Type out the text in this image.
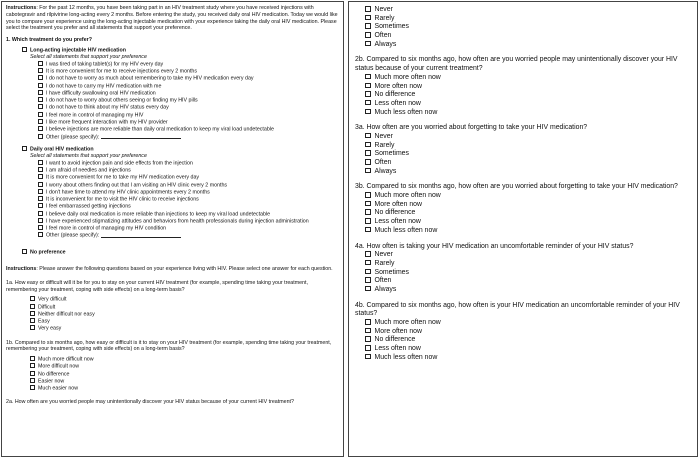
Instructions: For the past 12 months, you have been taking part in an HIV treatment study where you have received injections with cabotegravir and rilpivirine long-acting every 2 months. Before entering the study, you received daily oral HIV medication. Today we would like you to compare your experience using the long-acting injectable medication with your experience taking the daily oral HIV medication. Please select the treatment you prefer and all statements that support your preference.

1. Which treatment do you prefer?

Long-acting injectable HIV medication
Select all statements that support your preference
I was tired of taking tablet(s) for my HIV every day
It is more convenient for me to receive injections every 2 months
I do not have to worry as much about remembering to take my HIV medication every day
I do not have to carry my HIV medication with me
I have difficulty swallowing oral HIV medication
I do not have to worry about others seeing or finding my HIV pills
I do not have to think about my HIV status every day
I feel more in control of managing my HIV
I like more frequent interaction with my HIV provider
I believe injections are more reliable than daily oral medication to keep my viral load undetectable
Other (please specify):
Daily oral HIV medication
Select all statements that support your preference
I want to avoid injection pain and side effects from the injection
I am afraid of needles and injections
It is more convenient for me to take my HIV medication every day
I worry about others finding out that I am visiting an HIV clinic every 2 months
I don't have time to attend my HIV clinic appointments every 2 months
It is inconvenient for me to visit the HIV clinic to receive injections
I feel embarrassed getting injections
I believe daily oral medication is more reliable than injections to keep my viral load undetectable
I have experienced stigmatizing attitudes and behaviors from health professionals during injection administration
I feel more in control of managing my HIV condition
Other (please specify):
No preference

Instructions: Please answer the following questions based on your experience living with HIV. Please select one answer for each question.

1a. How easy or difficult will it be for you to stay on your current HIV treatment (for example, spending time taking your treatment, remembering your treatment, coping with side effects) on a long-term basis?

Very difficult
Difficult
Neither difficult nor easy
Easy
Very easy

1b. Compared to six months ago, how easy or difficult is it to stay on your HIV treatment (for example, spending time taking your treatment, remembering your treatment, coping with side effects) on a long-term basis?

Much more difficult now
More difficult now
No difference
Easier now
Much easier now

2a. How often are you worried people may unintentionally discover your HIV status because of your current HIV treatment?

Never
Rarely
Sometimes
Often
Always

2b. Compared to six months ago, how often are you worried people may unintentionally discover your HIV status because of your current treatment?

Much more often now
More often now
No difference
Less often now
Much less often now

3a. How often are you worried about forgetting to take your HIV medication?

Never
Rarely
Sometimes
Often
Always

3b. Compared to six months ago, how often are you worried about forgetting to take your HIV medication?

Much more often now
More often now
No difference
Less often now
Much less often now

4a. How often is taking your HIV medication an uncomfortable reminder of your HIV status?

Never
Rarely
Sometimes
Often
Always

4b. Compared to six months ago, how often is your HIV medication an uncomfortable reminder of your HIV status?

Much more often now
More often now
No difference
Less often now
Much less often now
